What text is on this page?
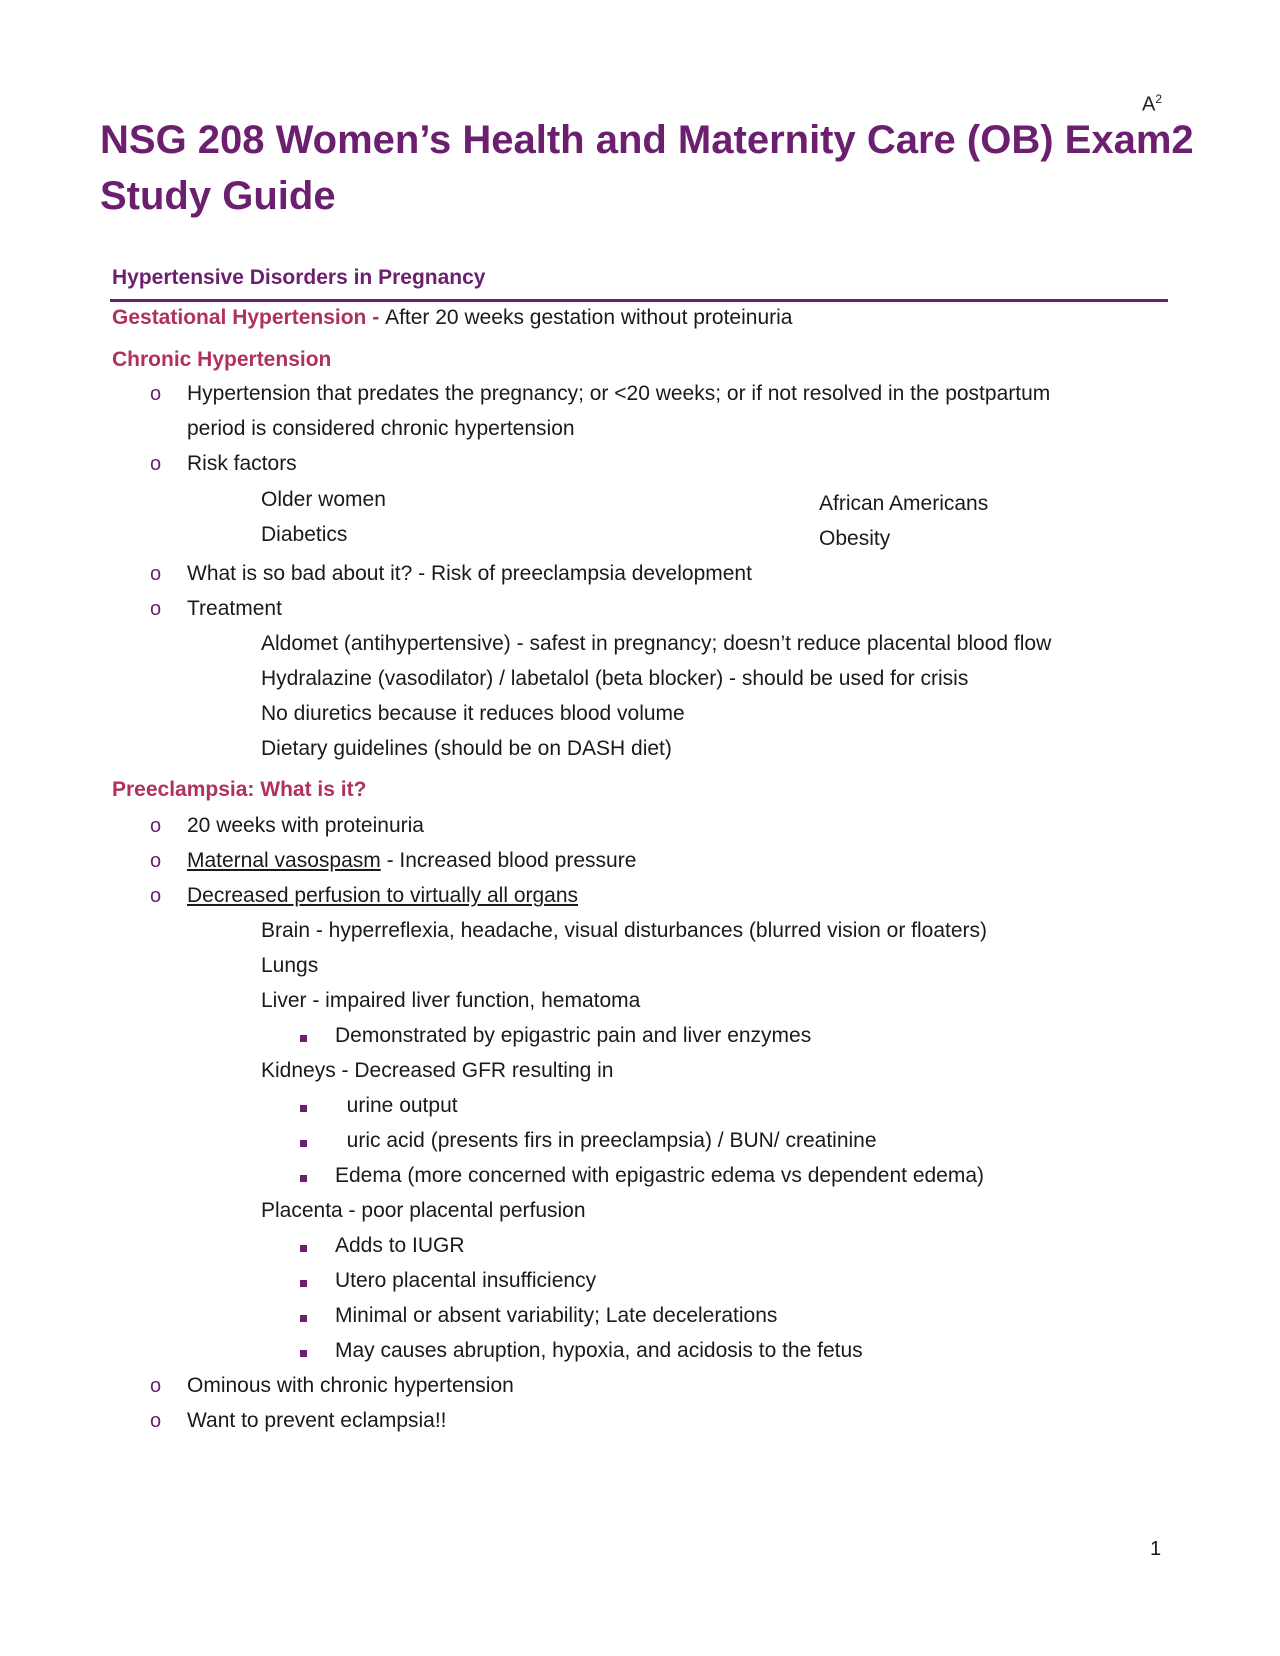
$A^2$
NSG 208 Women’s Health and Maternity Care (OB) Exam2 Study Guide
Hypertensive Disorders in Pregnancy
Gestational Hypertension - After 20 weeks gestation without proteinuria
Chronic Hypertension
o Hypertension that predates the pregnancy; or <20 weeks; or if not resolved in the postpartum
period is considered chronic hypertension
o Risk factors
Older women
Diabetics
African Americans
Obesity
o What is so bad about it? - Risk of preeclampsia development
o Treatment
Aldomet (antihypertensive) - safest in pregnancy; doesn’t reduce placental blood flow
Hydralazine (vasodilator) / labetalol (beta blocker) - should be used for crisis
No diuretics because it reduces blood volume
Dietary guidelines (should be on DASH diet)
Preeclampsia: What is it?
o 20 weeks with proteinuria
o Maternal vasospasm - Increased blood pressure
o Decreased perfusion to virtually all organs
Brain - hyperreflexia, headache, visual disturbances (blurred vision or floaters)
Lungs
Liver - impaired liver function, hematoma
Demonstrated by epigastric pain and liver enzymes
Kidneys - Decreased GFR resulting in
urine output
uric acid (presents firs in preeclampsia) / BUN/ creatinine
Edema (more concerned with epigastric edema vs dependent edema)
Placenta - poor placental perfusion
Adds to IUGR
Utero placental insufficiency
Minimal or absent variability; Late decelerations
May causes abruption, hypoxia, and acidosis to the fetus
o Ominous with chronic hypertension
o Want to prevent eclampsia!!
1
